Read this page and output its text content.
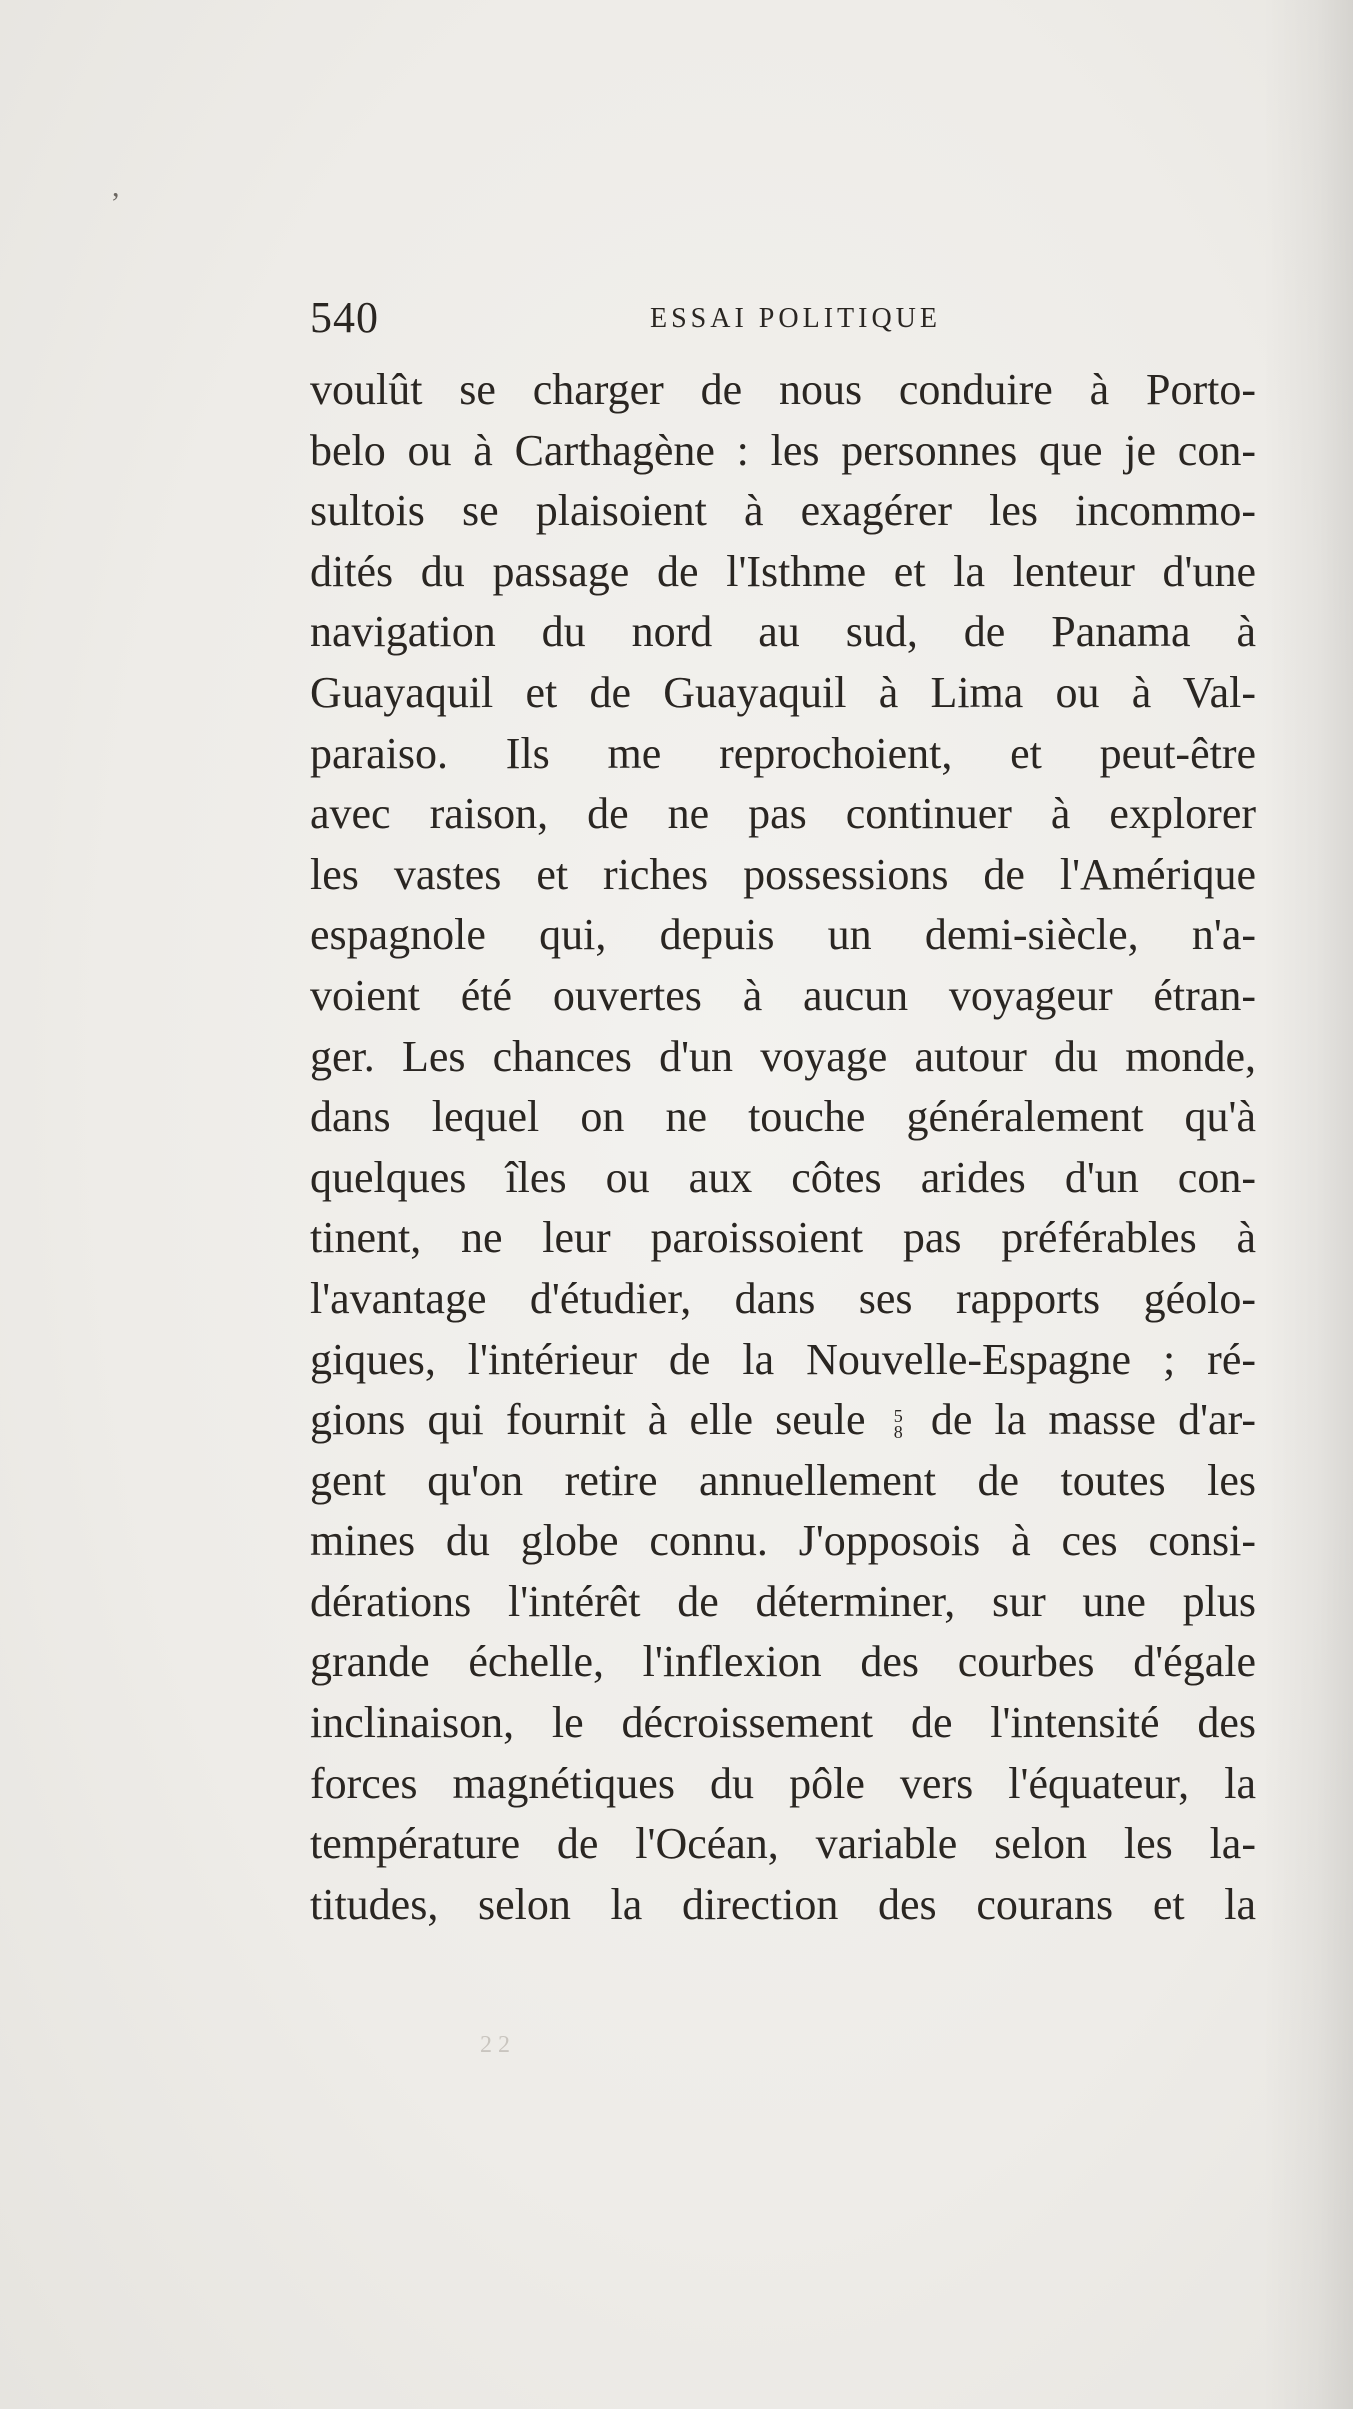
,
540	ESSAI POLITIQUE
voulût se charger de nous conduire à Porto-
belo ou à Carthagène : les personnes que je con-
sultois se plaisoient à exagérer les incommo-
dités du passage de l'Isthme et la lenteur d'une
navigation du nord au sud, de Panama à
Guayaquil et de Guayaquil à Lima ou à Val-
paraiso. Ils me reprochoient, et peut-être
avec raison, de ne pas continuer à explorer
les vastes et riches possessions de l'Amérique
espagnole qui, depuis un demi-siècle, n'a-
voient été ouvertes à aucun voyageur étran-
ger. Les chances d'un voyage autour du monde,
dans lequel on ne touche généralement qu'à
quelques îles ou aux côtes arides d'un con-
tinent, ne leur paroissoient pas préférables à
l'avantage d'étudier, dans ses rapports géolo-
giques, l'intérieur de la Nouvelle-Espagne ; ré-
gions qui fournit à elle seule 5
8 de la masse d'ar-
gent qu'on retire annuellement de toutes les
mines du globe connu. J'opposois à ces consi-
dérations l'intérêt de déterminer, sur une plus
grande échelle, l'inflexion des courbes d'égale
inclinaison, le décroissement de l'intensité des
forces magnétiques du pôle vers l'équateur, la
température de l'Océan, variable selon les la-
titudes, selon la direction des courans et la
22
